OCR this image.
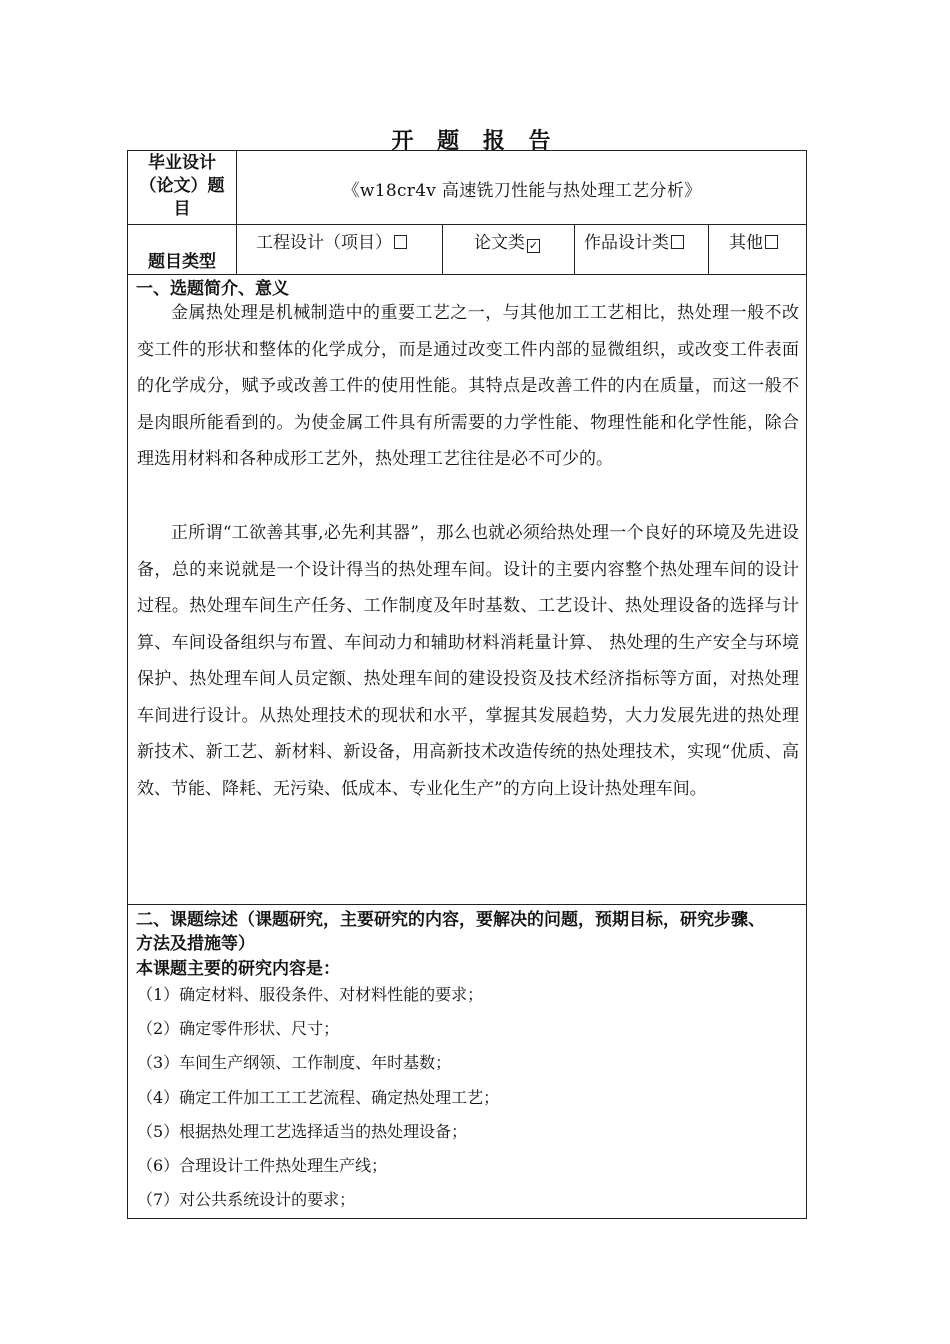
开 题 报 告
毕业设计
（论文）题
目
《w18cr4v 高速铣刀性能与热处理工艺分析》
题目类型
工程设计（项目）	论文类 ✓	作品设计类	其他
一、选题简介、意义

金属热处理是机械制造中的重要工艺之一，与其他加工工艺相比，热处理一般不改变工件的形状和整体的化学成分，而是通过改变工件内部的显微组织，或改变工件表面的化学成分，赋予或改善工件的使用性能。其特点是改善工件的内在质量，而这一般不是肉眼所能看到的。为使金属工件具有所需要的力学性能、物理性能和化学性能，除合理选用材料和各种成形工艺外，热处理工艺往往是必不可少的。

正所谓“工欲善其事,必先利其器”，那么也就必须给热处理一个良好的环境及先进设备，总的来说就是一个设计得当的热处理车间。设计的主要内容整个热处理车间的设计过程。热处理车间生产任务、工作制度及年时基数、工艺设计、热处理设备的选择与计算、车间设备组织与布置、车间动力和辅助材料消耗量计算、 热处理的生产安全与环境保护、热处理车间人员定额、热处理车间的建设投资及技术经济指标等方面，对热处理车间进行设计。从热处理技术的现状和水平，掌握其发展趋势，大力发展先进的热处理新技术、新工艺、新材料、新设备，用高新技术改造传统的热处理技术，实现“优质、高效、节能、降耗、无污染、低成本、专业化生产”的方向上设计热处理车间。

二、课题综述（课题研究，主要研究的内容，要解决的问题，预期目标，研究步骤、
方法及措施等）
本课题主要的研究内容是：
（1）确定材料、服役条件、对材料性能的要求；
（2）确定零件形状、尺寸；
（3）车间生产纲领、工作制度、年时基数；
（4）确定工件加工工工艺流程、确定热处理工艺；
（5）根据热处理工艺选择适当的热处理设备；
（6）合理设计工件热处理生产线；
（7）对公共系统设计的要求；
